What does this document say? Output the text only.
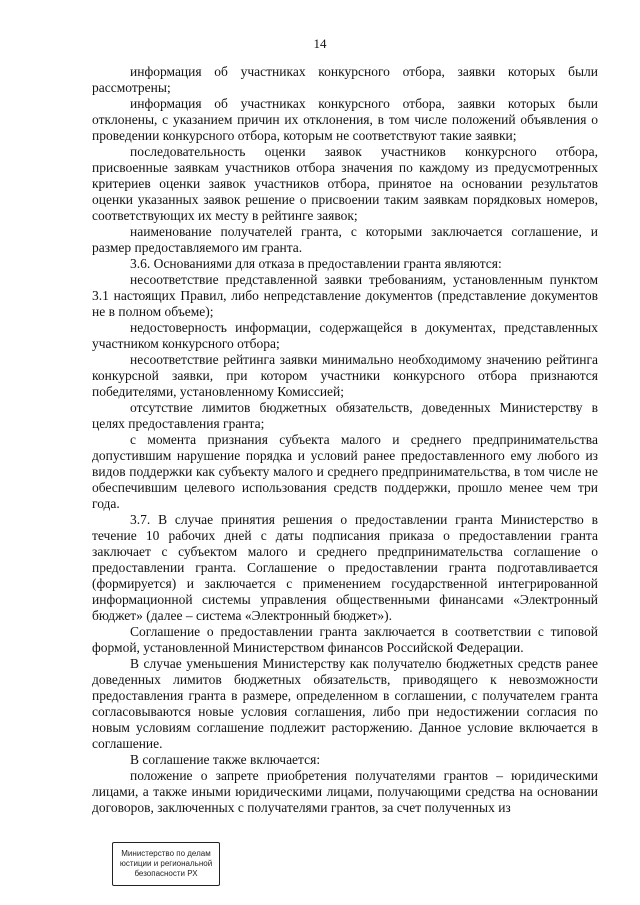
14

информация об участниках конкурсного отбора, заявки которых были рассмотрены;

информация об участниках конкурсного отбора, заявки которых были отклонены, с указанием причин их отклонения, в том числе положений объявления о проведении конкурсного отбора, которым не соответствуют такие заявки;

последовательность оценки заявок участников конкурсного отбора, присвоенные заявкам участников отбора значения по каждому из предусмотренных критериев оценки заявок участников отбора, принятое на основании результатов оценки указанных заявок решение о присвоении таким заявкам порядковых номеров, соответствующих их месту в рейтинге заявок;

наименование получателей гранта, с которыми заключается соглашение, и размер предоставляемого им гранта.

3.6. Основаниями для отказа в предоставлении гранта являются:

несоответствие представленной заявки требованиям, установленным пунктом 3.1 настоящих Правил, либо непредставление документов (представление документов не в полном объеме);

недостоверность информации, содержащейся в документах, представленных участником конкурсного отбора;

несоответствие рейтинга заявки минимально необходимому значению рейтинга конкурсной заявки, при котором участники конкурсного отбора признаются победителями, установленному Комиссией;

отсутствие лимитов бюджетных обязательств, доведенных Министерству в целях предоставления гранта;

с момента признания субъекта малого и среднего предпринимательства допустившим нарушение порядка и условий ранее предоставленного ему любого из видов поддержки как субъекту малого и среднего предпринимательства, в том числе не обеспечившим целевого использования средств поддержки, прошло менее чем три года.

3.7. В случае принятия решения о предоставлении гранта Министерство в течение 10 рабочих дней с даты подписания приказа о предоставлении гранта заключает с субъектом малого и среднего предпринимательства соглашение о предоставлении гранта. Соглашение о предоставлении гранта подготавливается (формируется) и заключается с применением государственной интегрированной информационной системы управления общественными финансами «Электронный бюджет» (далее – система «Электронный бюджет»).

Соглашение о предоставлении гранта заключается в соответствии с типовой формой, установленной Министерством финансов Российской Федерации.

В случае уменьшения Министерству как получателю бюджетных средств ранее доведенных лимитов бюджетных обязательств, приводящего к невозможности предоставления гранта в размере, определенном в соглашении, с получателем гранта согласовываются новые условия соглашения, либо при недостижении согласия по новым условиям соглашение подлежит расторжению. Данное условие включается в соглашение.

В соглашение также включается:

положение о запрете приобретения получателями грантов – юридическими лицами, а также иными юридическими лицами, получающими средства на основании договоров, заключенных с получателями грантов, за счет полученных из

Министерство по делам
юстиции и региональной
безопасности РХ
